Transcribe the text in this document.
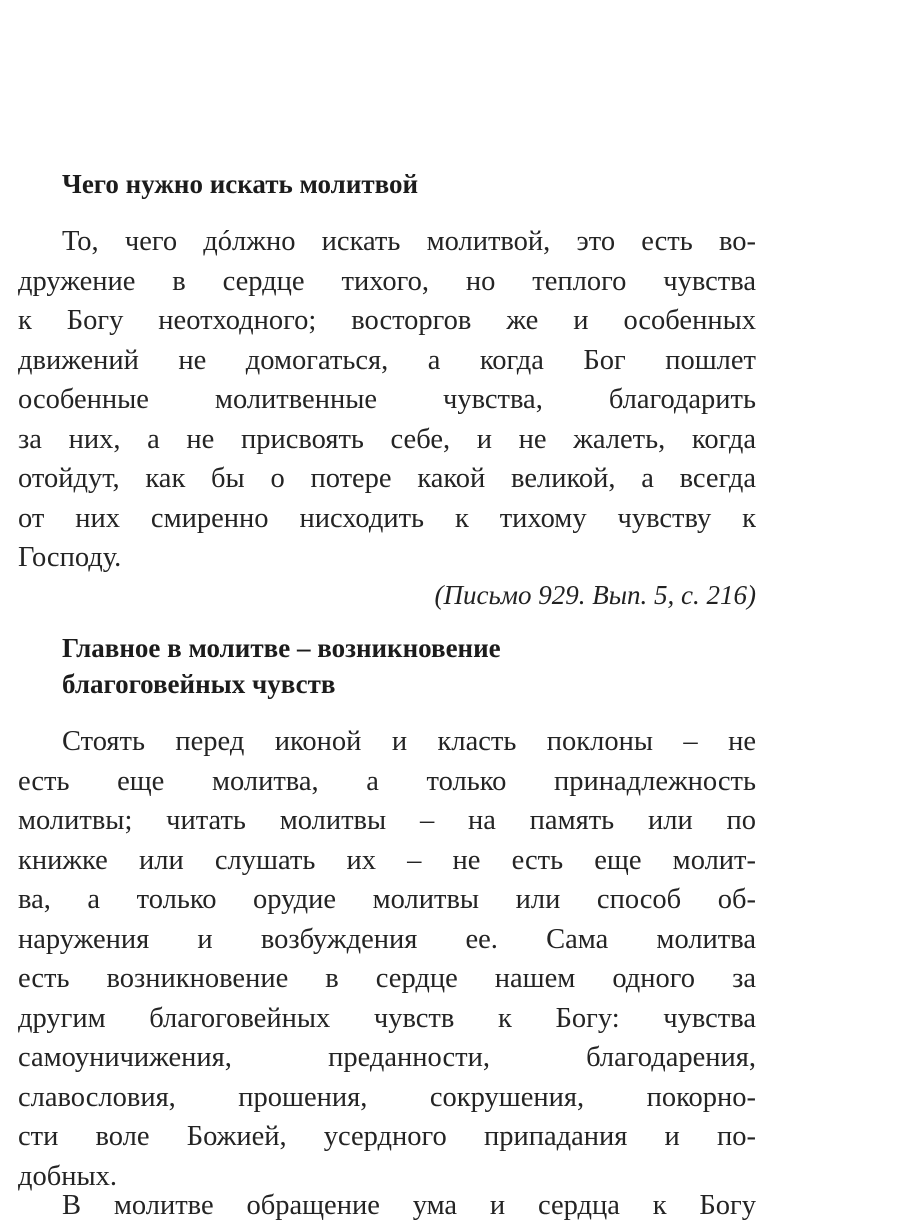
Чего нужно искать молитвой
То, чего дóлжно искать молитвой, это есть во-
дружение в сердце тихого, но теплого чувства
к Богу неотходного; восторгов же и особенных
движений не домогаться, а когда Бог пошлет
особенные молитвенные чувства, благодарить
за них, а не присвоять себе, и не жалеть, когда
отойдут, как бы о потере какой великой, а всегда
от них смиренно нисходить к тихому чувству к
Господу.
(Письмо 929. Вып. 5, с. 216)
Главное в молитве – возникновение
благоговейных чувств
Стоять перед иконой и класть поклоны – не
есть еще молитва, а только принадлежность
молитвы; читать молитвы – на память или по
книжке или слушать их – не есть еще молит-
ва, а только орудие молитвы или способ об-
наружения и возбуждения ее. Сама молитва
есть возникновение в сердце нашем одного за
другим благоговейных чувств к Богу: чувства
самоуничижения, преданности, благодарения,
славословия, прошения, сокрушения, покорно-
сти воле Божией, усердного припадания и по-
добных.
В молитве обращение ума и сердца к Богу
